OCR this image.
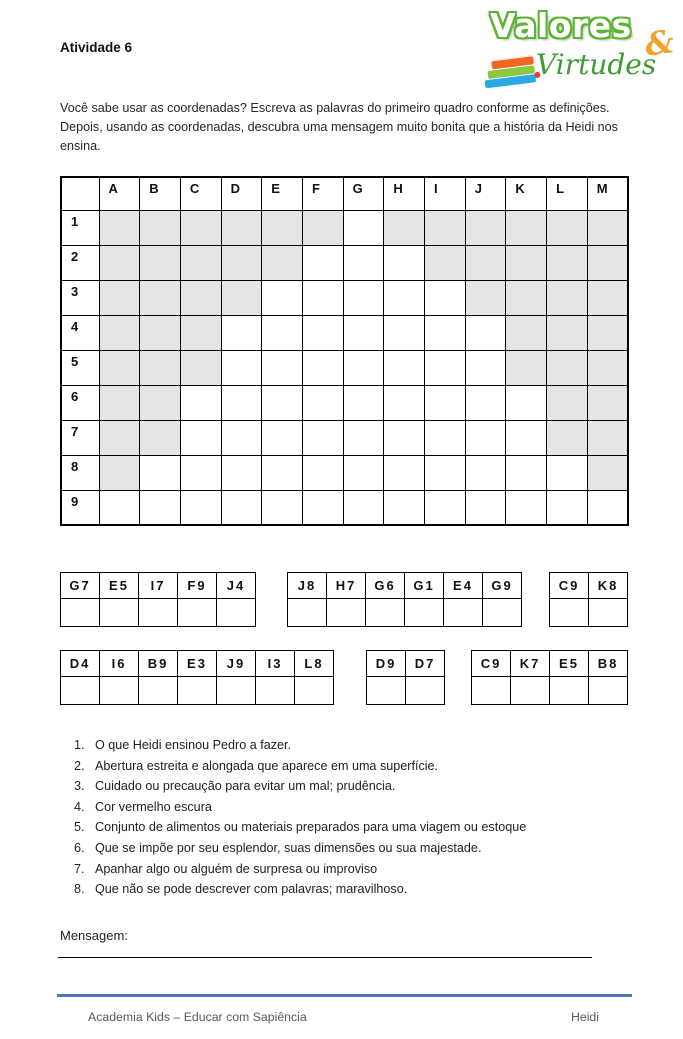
Atividade 6
Valores &
Virtudes
Você sabe usar as coordenadas? Escreva as palavras do primeiro quadro conforme as definições. Depois, usando as coordenadas, descubra uma mensagem muito bonita que a história da Heidi nos ensina.
	A	B	C	D	E	F	G	H	I	J	K	L	M
1													
2													
3													
4													
5													
6													
7													
8													
9													
G7	E5	I7	F9	J4
					J8	H7	G6	G1	E4	G9
						C9	K8

D4	I6	B9	E3	J9	I3	L8
							D9	D7
		C9	K7	E5	B8

1. O que Heidi ensinou Pedro a fazer.
2. Abertura estreita e alongada que aparece em uma superfície.
3. Cuidado ou precaução para evitar um mal; prudência.
4. Cor vermelho escura
5. Conjunto de alimentos ou materiais preparados para uma viagem ou estoque
6. Que se impõe por seu esplendor, suas dimensões ou sua majestade.
7. Apanhar algo ou alguém de surpresa ou improviso
8. Que não se pode descrever com palavras; maravilhoso.
Mensagem:
Academia Kids – Educar com Sapiência	Heidi
